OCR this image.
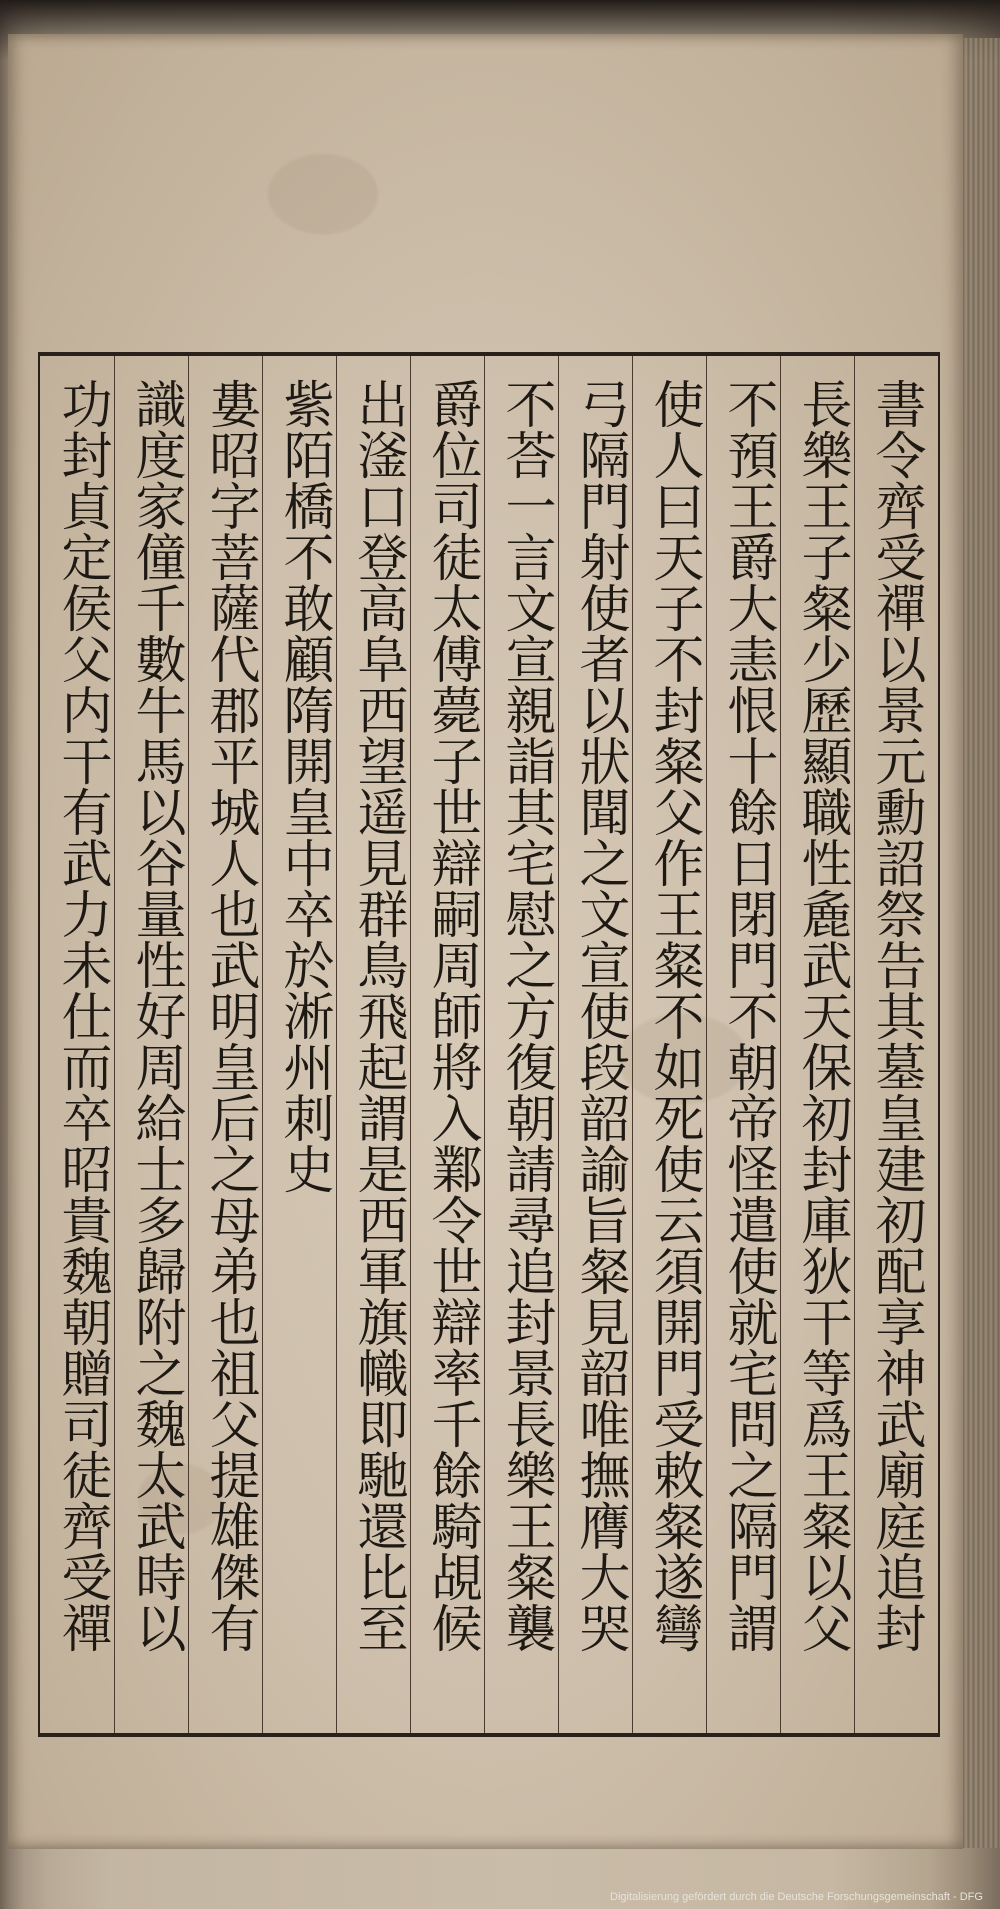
書令齊受禪以景元勳詔祭告其墓皇建初配享神武廟庭追封
長樂王子粲少歷顯職性麁武天保初封庫狄干等爲王粲以父
不預王爵大恚恨十餘日閉門不朝帝怪遣使就宅問之隔門謂
使人曰天子不封粲父作王粲不如死使云須開門受敕粲遂彎
弓隔門射使者以狀聞之文宣使段韶諭旨粲見韶唯撫膺大哭
不荅一言文宣親詣其宅慰之方復朝請尋追封景長樂王粲襲
爵位司徒太傅薨子世辯嗣周師將入鄴令世辯率千餘騎覘候
出滏口登高阜西望遥見群鳥飛起謂是西軍旗幟即馳還比至
紫陌橋不敢顧隋開皇中卒於淅州刺史
婁昭字菩薩代郡平城人也武明皇后之母弟也祖父提雄傑有
識度家僮千數牛馬以谷量性好周給士多歸附之魏太武時以
功封貞定侯父内干有武力未仕而卒昭貴魏朝贈司徒齊受禪
Digitalisierung gefördert durch die Deutsche Forschungsgemeinschaft - DFG
